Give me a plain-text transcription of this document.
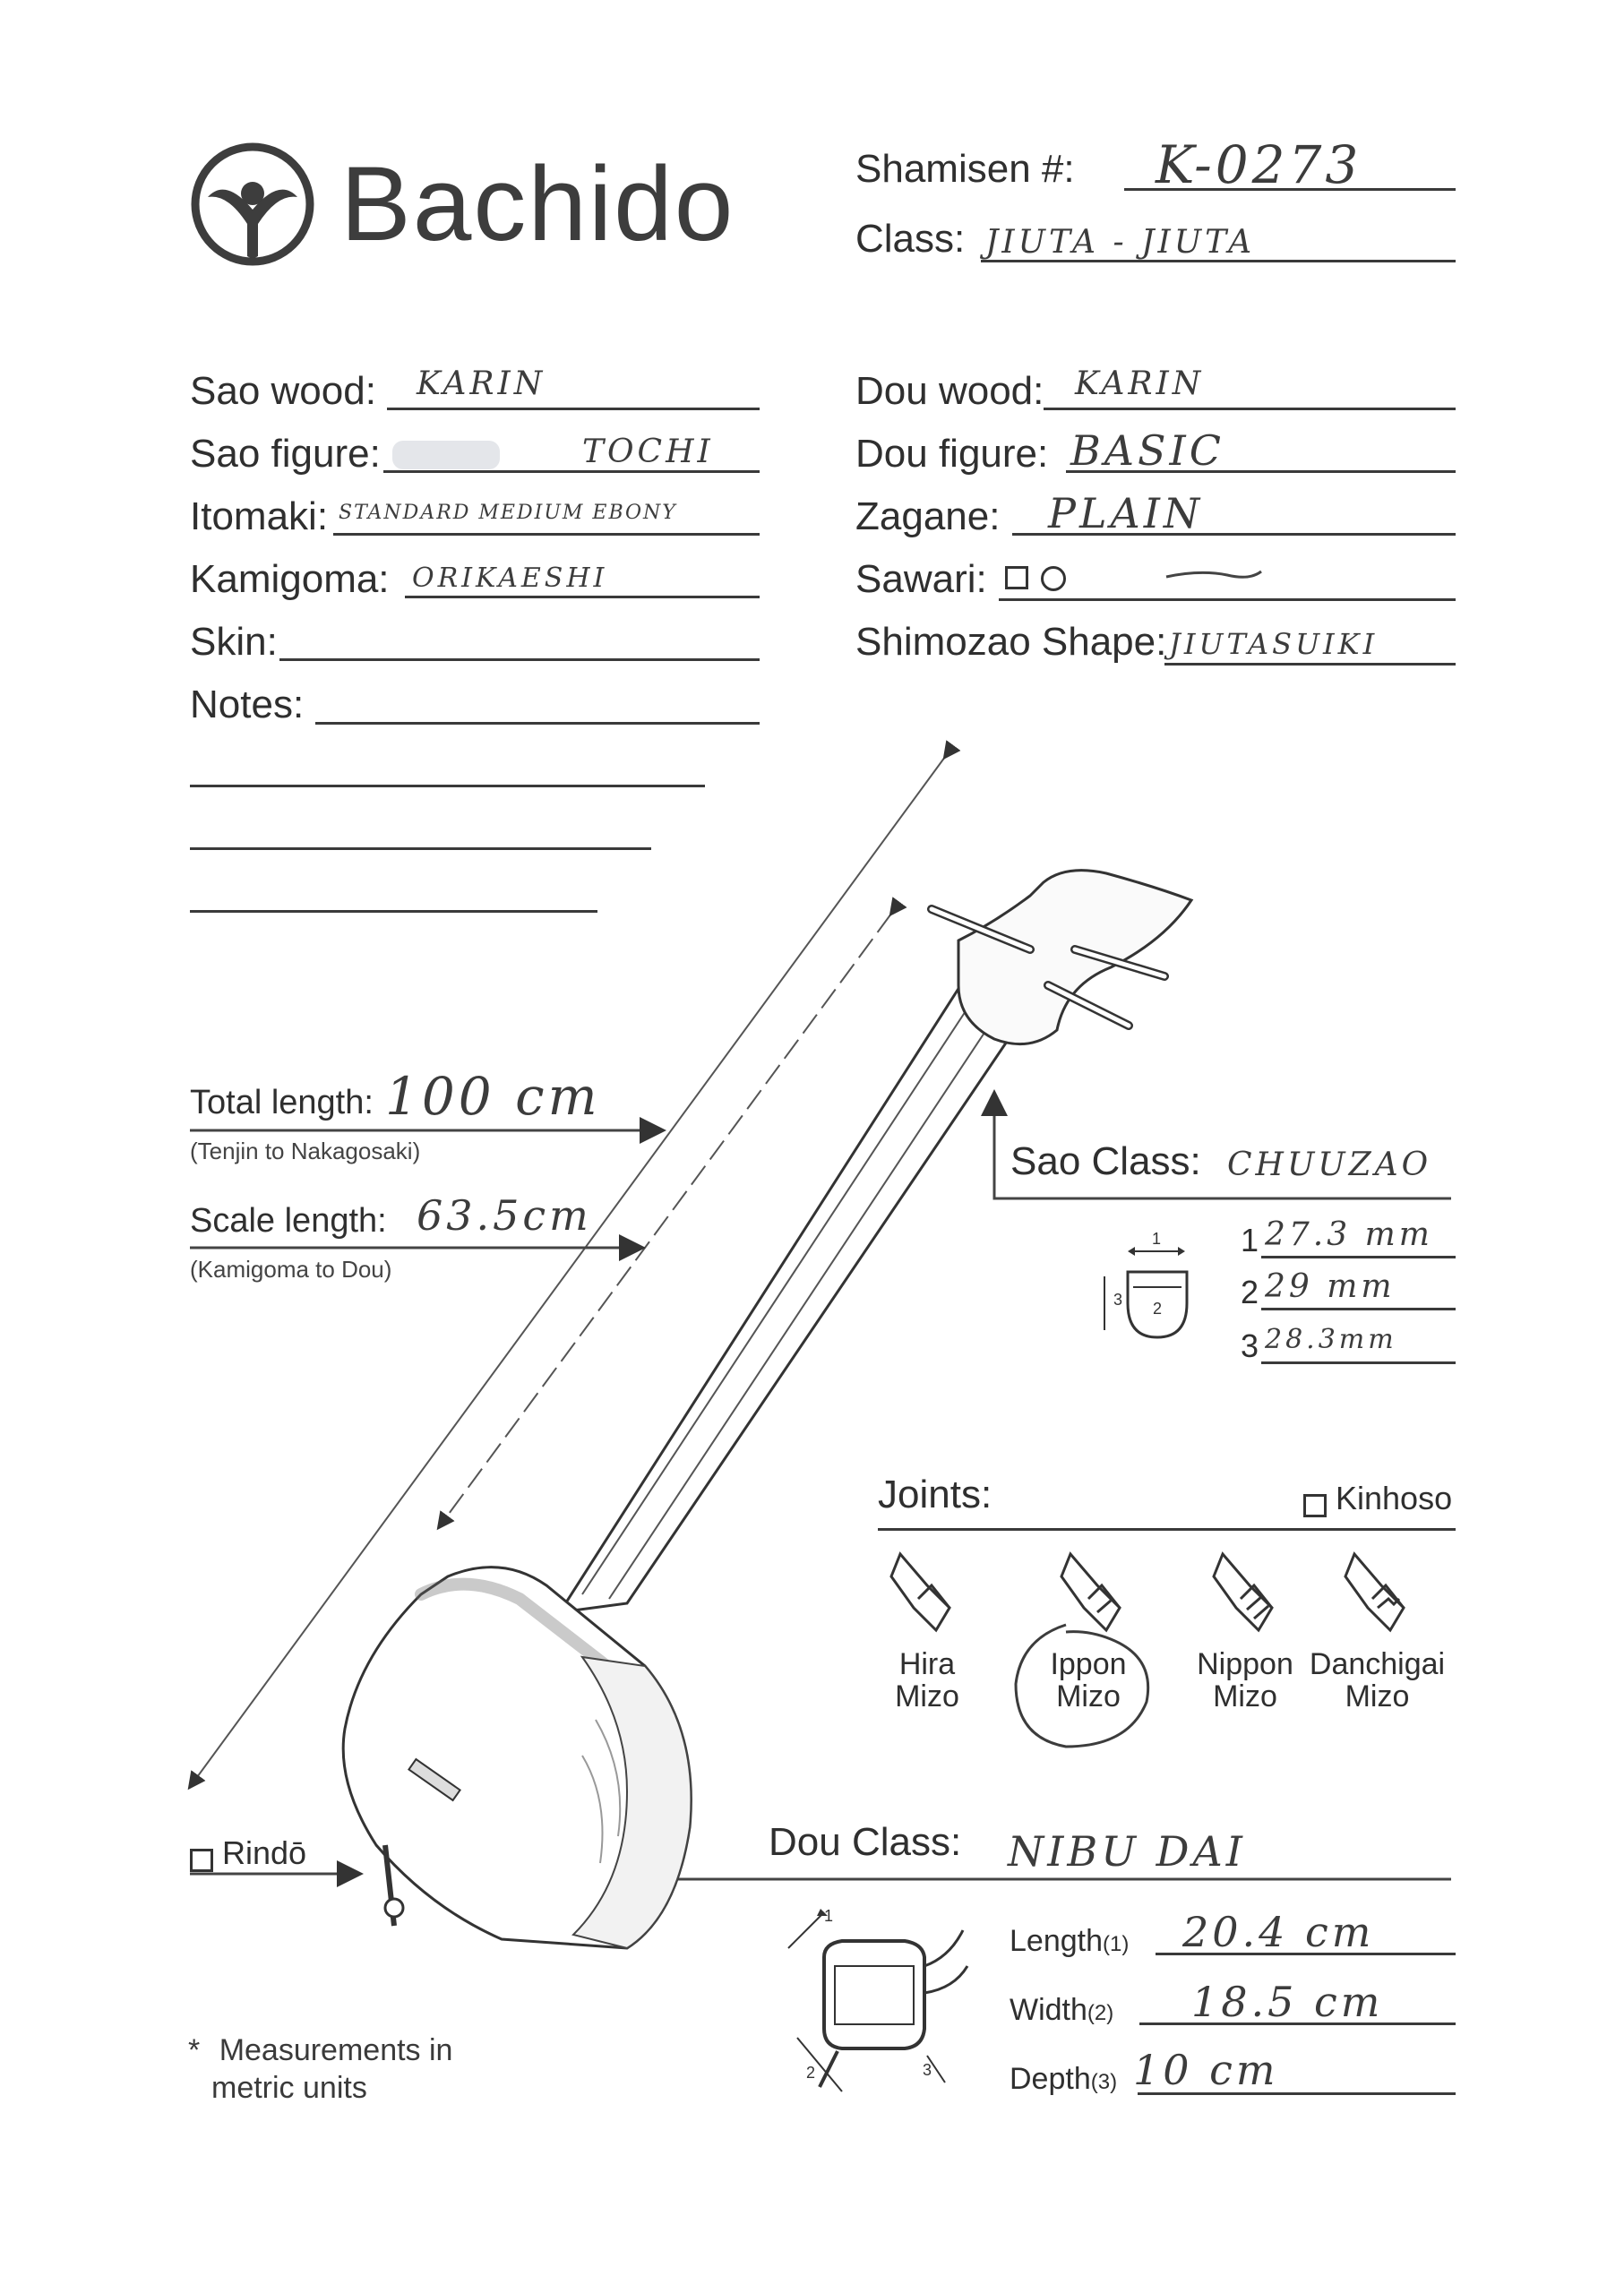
Bachido	Shamisen #: K-0273
Class: JIUTA - JIUTA
Sao wood: KARIN
Sao figure:	TOCHI
Itomaki: STANDARD MEDIUM EBONY
Kamigoma: ORIKAESHI
Skin:
Notes:
Dou wood: KARIN
Dou figure: BASIC
Zagane: PLAIN
Sawari:
Shimozao Shape: JIUTASUIKI
Total length: 100 cm
(Tenjin to Nakagosaki)
Scale length: 63.5cm
(Kamigoma to Dou)
Sao Class: CHUUZAO
1
3 2
1 27.3 mm
2 29 mm
3 28.3mm
Joints:	Kinhoso
Hira
Mizo
Ippon
Mizo
Nippon
Mizo
Danchigai
Mizo
Rindō	Dou Class: NIBU DAI
1
2	3
Length(1) 20.4 cm
Width(2) 18.5 cm
Depth(3) 10 cm
* Measurements in
metric units
